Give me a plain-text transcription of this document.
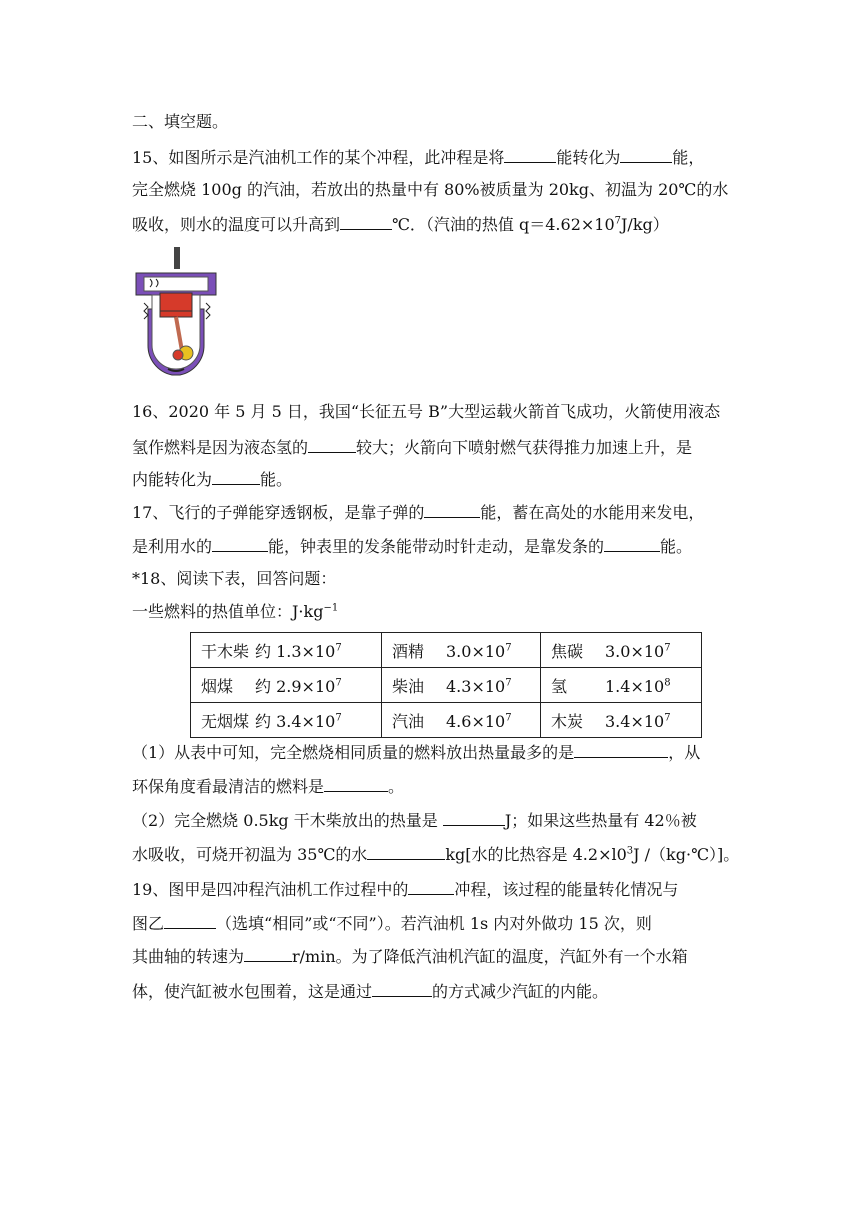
二、填空题。
15、如图所示是汽油机工作的某个冲程，此冲程是将	能转化为	能，
完全燃烧 100g 的汽油，若放出的热量中有 80%被质量为 20kg、初温为 20℃的水
吸收，则水的温度可以升高到	℃．（汽油的热值 $q=4.62\times 10^7J/kg$）
16、2020 年 5 月 5 日，我国“长征五号 B”大型运载火箭首飞成功，火箭使用液态
氢作燃料是因为液态氢的	较大；火箭向下喷射燃气获得推力加速上升，是
内能转化为	能。
17、飞行的子弹能穿透钢板，是靠子弹的	能，蓄在高处的水能用来发电，
是利用水的	能，钟表里的发条能带动时针走动，是靠发条的	能。
*18、阅读下表，回答问题：
一些燃料的热值单位：$J\cdot kg^{-1}$
干木柴 约 $1.3\times 10^7$	酒精 $3.0\times 10^7$	焦碳 $3.0\times 10^7$
烟煤 约 $2.9\times 10^7$	柴油 $4.3\times 10^7$	氢 $1.4\times 10^8$
无烟煤 约 $3.4\times 10^7$	汽油 $4.6\times 10^7$	木炭 $3.4\times 10^7$
（1）从表中可知，完全燃烧相同质量的燃料放出热量最多的是	，从
环保角度看最清洁的燃料是	。
（2）完全燃烧 0.5kg 干木柴放出的热量是	J；如果这些热量有 42％被
水吸收，可烧开初温为 35℃的水	kg[水的比热容是 $4.2\times l0^3J$ /（kg·℃）]。
19、图甲是四冲程汽油机工作过程中的	冲程，该过程的能量转化情况与
图乙	（选填“相同”或“不同”）。若汽油机 1s 内对外做功 15 次，则
其曲轴的转速为	r/min。为了降低汽油机汽缸的温度，汽缸外有一个水箱
体，使汽缸被水包围着，这是通过	的方式减少汽缸的内能。
